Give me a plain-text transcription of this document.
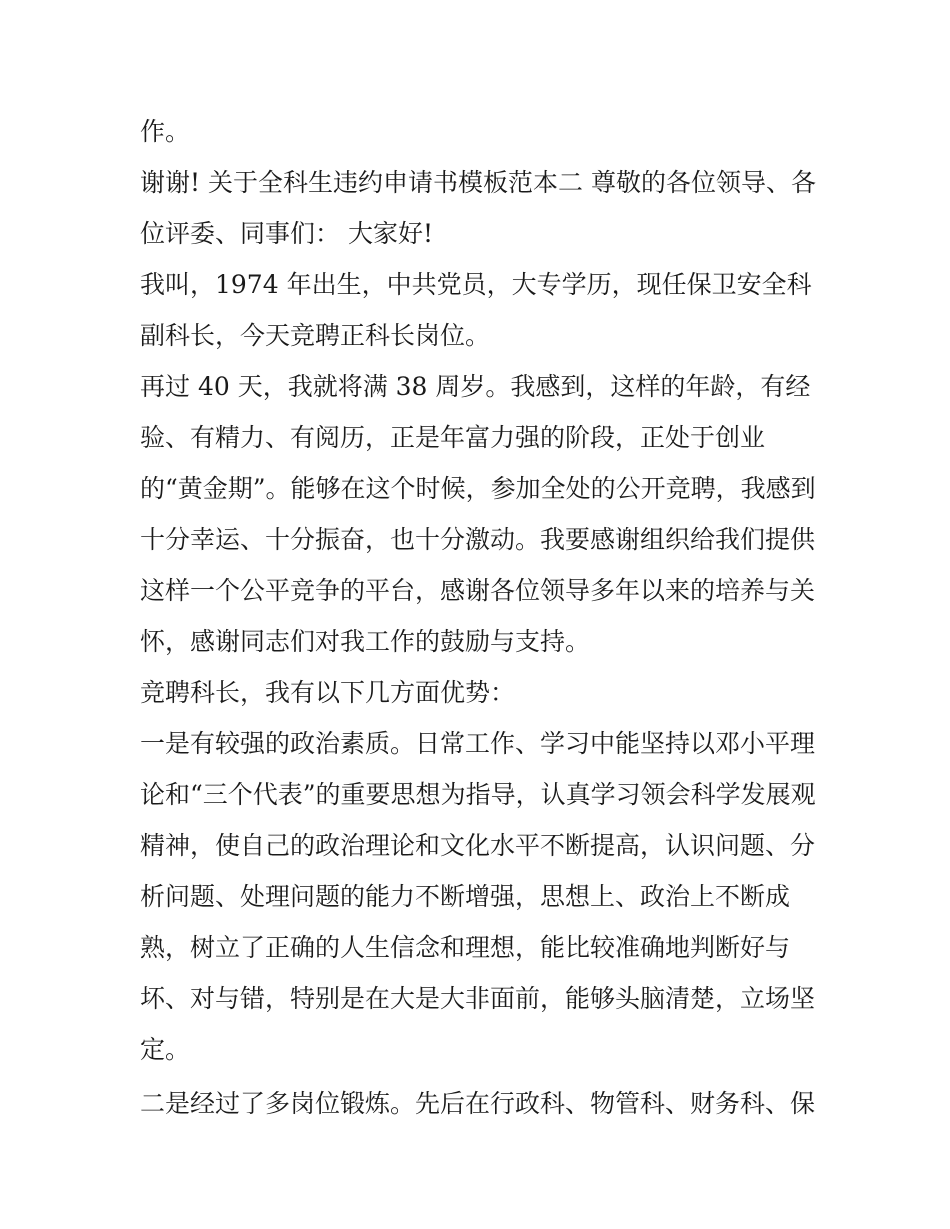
作。
谢谢! 关于全科生违约申请书模板范本二 尊敬的各位领导、各
位评委、同事们： 大家好!
我叫，1974 年出生，中共党员，大专学历，现任保卫安全科
副科长，今天竞聘正科长岗位。
再过 40 天，我就将满 38 周岁。我感到，这样的年龄，有经
验、有精力、有阅历，正是年富力强的阶段，正处于创业
的“黄金期”。能够在这个时候，参加全处的公开竞聘，我感到
十分幸运、十分振奋，也十分激动。我要感谢组织给我们提供
这样一个公平竞争的平台，感谢各位领导多年以来的培养与关
怀，感谢同志们对我工作的鼓励与支持。
竞聘科长，我有以下几方面优势：
一是有较强的政治素质。日常工作、学习中能坚持以邓小平理
论和“三个代表”的重要思想为指导，认真学习领会科学发展观
精神，使自己的政治理论和文化水平不断提高，认识问题、分
析问题、处理问题的能力不断增强，思想上、政治上不断成
熟，树立了正确的人生信念和理想，能比较准确地判断好与
坏、对与错，特别是在大是大非面前，能够头脑清楚，立场坚
定。
二是经过了多岗位锻炼。先后在行政科、物管科、财务科、保
